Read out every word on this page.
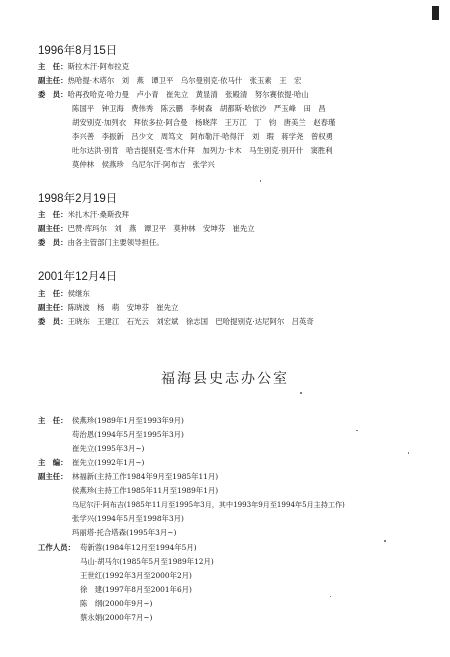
1996年8月15日
主　任：斯拉木汗·阿布拉克
副主任：热哈提·木塔尔　刘　燕　谭卫平　乌尔曼别克·依马什　张玉素　王　宏
委　员：哈再孜哈克·哈力曼　卢小青　崔先立　黄显清　张殿清　努尔赛依提·哈山
陈国平　钟卫海　费伟秀　陈云鹏　李树森　胡都斯·哈依沙　严玉峰　田　昌
胡安别克·加列衣　拜依多拉·阿合曼　杨晓萍　王万江　丁　钧　唐美兰　赵春瑾
李兴善　李振新　吕少文　周笃文　阿布勒汗·哈得汗　刘　瑕　蒋学尧　曾权勇
吐尔达洪·别肯　哈吉提别克·雪木什拜　加列力·卡木　马生别克·别开什　窦胜利
莫仲林　侯燕珍　乌尼尔汗·阿布吉　张学兴
1998年2月19日
主　任：米扎木汗·桑斯孜拜
副主任：巴赞·库玛尔　刘　燕　谭卫平　莫仲林　安坤芬　崔先立
委　员：由各主管部门主要领导担任。
2001年12月4日
主　任：侯继东
副主任：陈晓波　杨　萌　安坤芬　崔先立
委　员：王晓东　王建江　石光云　刘宏斌　徐志国　巴哈提别克·达尼阿尔　吕英奇
福海县史志办公室
主　任： 侯燕珍(1989年1月至1993年9月)
苟治恩(1994年5月至1995年3月)
崔先立(1995年3月~)
主　编： 崔先立(1992年1月~)
副主任： 林福新(主持工作1984年9月至1985年11月)
侯燕珍(主持工作1985年11月至1989年1月)
乌尼尔汗·阿布吉(1985年11月至1995年3月，其中1993年9月至1994年5月主持工作)
张学兴(1994年5月至1998年3月)
玛丽塔·托合塔森(1995年3月~)
工作人员： 苟新蓉(1984年12月至1994年5月)
马山·胡马尔(1985年5月至1989年12月)
王世红(1992年3月至2000年2月)
徐　建(1997年8月至2001年6月)
陈　纲(2000年9月~)
蔡永娟(2000年7月~)
